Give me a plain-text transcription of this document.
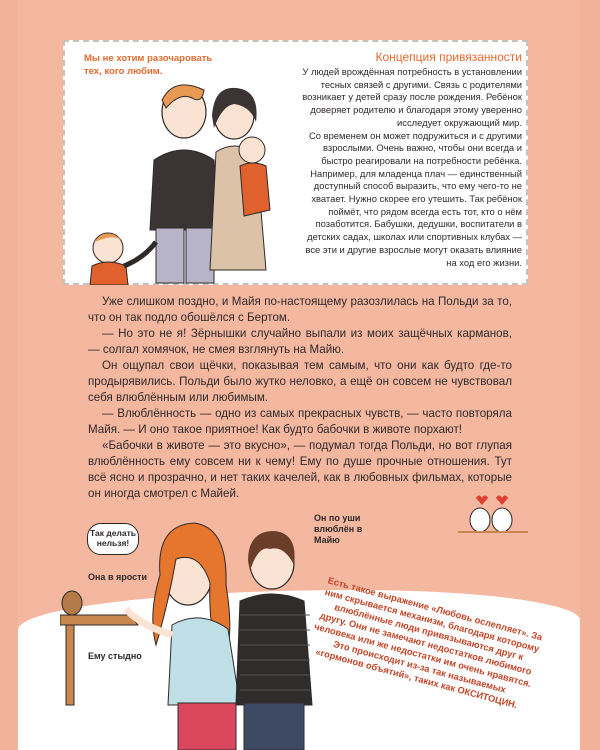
Мы не хотим разочаровать тех, кого любим.
Концепция привязанности

У людей врождённая потребность в установлении тесных связей с другими. Связь с родителями возникает у детей сразу после рождения. Ребёнок доверяет родителю и благодаря этому уверенно исследует окружающий мир.

Со временем он может подружиться и с другими взрослыми. Очень важно, чтобы они всегда и быстро реагировали на потребности ребёнка. Например, для младенца плач — единственный доступный способ выразить, что ему чего-то не хватает. Нужно скорее его утешить. Так ребёнок поймёт, что рядом всегда есть тот, кто о нём позаботится. Бабушки, дедушки, воспитатели в детских садах, школах или спортивных клубах — все эти и другие взрослые могут оказать влияние на ход его жизни.

Уже слишком поздно, и Майя по-настоящему разозлилась на Польди за то, что он так подло обошёлся с Бертом.

— Но это не я! Зёрнышки случайно выпали из моих защёчных карманов, — солгал хомячок, не смея взглянуть на Майю.

Он ощупал свои щёчки, показывая тем самым, что они как будто где-то продырявились. Польди было жутко неловко, а ещё он совсем не чувствовал себя влюблённым или любимым.

— Влюблённость — одно из самых прекрасных чувств, — часто повторяла Майя. — И оно такое приятное! Как будто бабочки в животе порхают!

«Бабочки в животе — это вкусно», — подумал тогда Польди, но вот глупая влюблённость ему совсем ни к чему! Ему по душе прочные отношения. Тут всё ясно и прозрачно, и нет таких качелей, как в любовных фильмах, которые он иногда смотрел с Майей.

Так делать нельзя!
Она в ярости
Он по уши влюблён в Майю
Ему стыдно
Есть такое выражение «Любовь ослепляет». За ним скрывается механизм, благодаря которому влюблённые люди привязываются друг к другу. Они не замечают недостатков любимого человека или же недостатки им очень нравятся. Это происходит из-за так называемых «гормонов объятий», таких как ОКСИТОЦИН.
